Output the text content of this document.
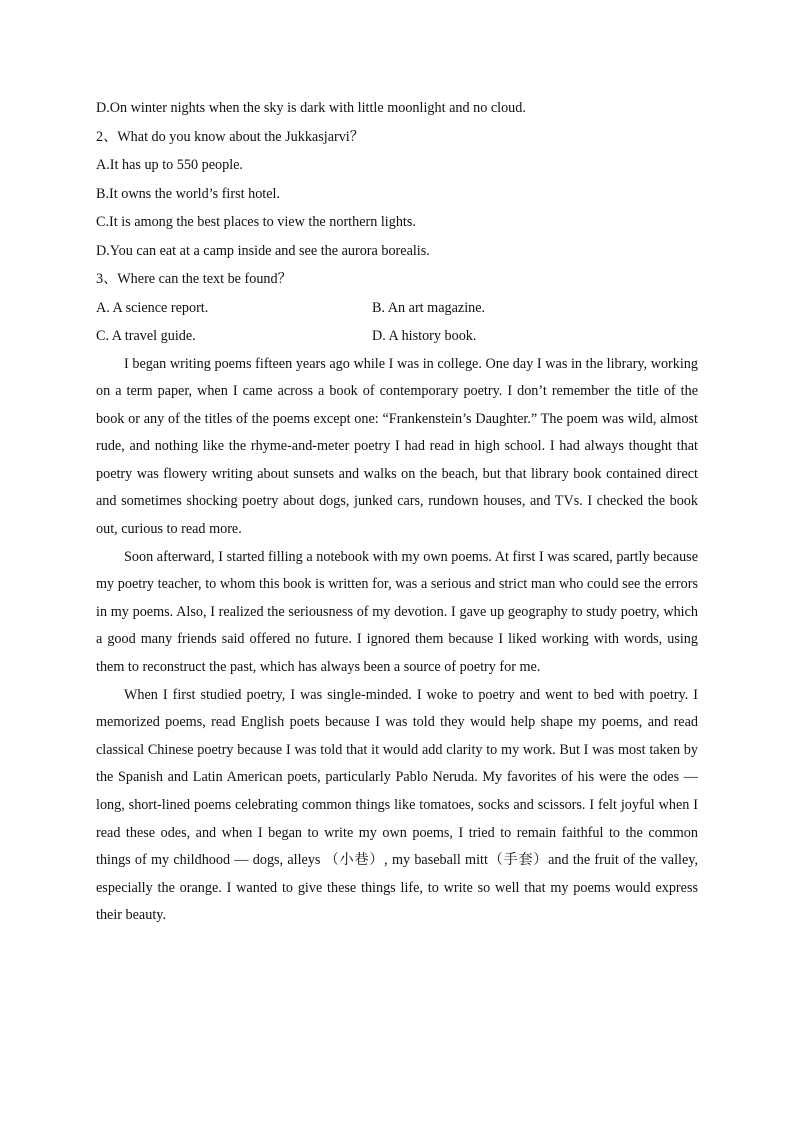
D.On winter nights when the sky is dark with little moonlight and no cloud.
2、What do you know about the Jukkasjarvi？
A.It has up to 550 people.
B.It owns the world’s first hotel.
C.It is among the best places to view the northern lights.
D.You can eat at a camp inside and see the aurora borealis.
3、Where can the text be found？
A. A science report.	B. An art magazine.
C. A travel guide.	D. A history book.

I began writing poems fifteen years ago while I was in college. One day I was in the library, working on a term paper, when I came across a book of contemporary poetry. I don’t remember the title of the book or any of the titles of the poems except one: “Frankenstein’s Daughter.” The poem was wild, almost rude, and nothing like the rhyme-and-meter poetry I had read in high school. I had always thought that poetry was flowery writing about sunsets and walks on the beach, but that library book contained direct and sometimes shocking poetry about dogs, junked cars, rundown houses, and TVs. I checked the book out, curious to read more.

Soon afterward, I started filling a notebook with my own poems. At first I was scared, partly because my poetry teacher, to whom this book is written for, was a serious and strict man who could see the errors in my poems. Also, I realized the seriousness of my devotion. I gave up geography to study poetry, which a good many friends said offered no future. I ignored them because I liked working with words, using them to reconstruct the past, which has always been a source of poetry for me.

When I first studied poetry, I was single-minded. I woke to poetry and went to bed with poetry. I memorized poems, read English poets because I was told they would help shape my poems, and read classical Chinese poetry because I was told that it would add clarity to my work. But I was most taken by the Spanish and Latin American poets, particularly Pablo Neruda. My favorites of his were the odes — long, short-lined poems celebrating common things like tomatoes, socks and scissors. I felt joyful when I read these odes, and when I began to write my own poems, I tried to remain faithful to the common things of my childhood — dogs, alleys （小巷）, my baseball mitt（手套）and the fruit of the valley, especially the orange. I wanted to give these things life, to write so well that my poems would express their beauty.
